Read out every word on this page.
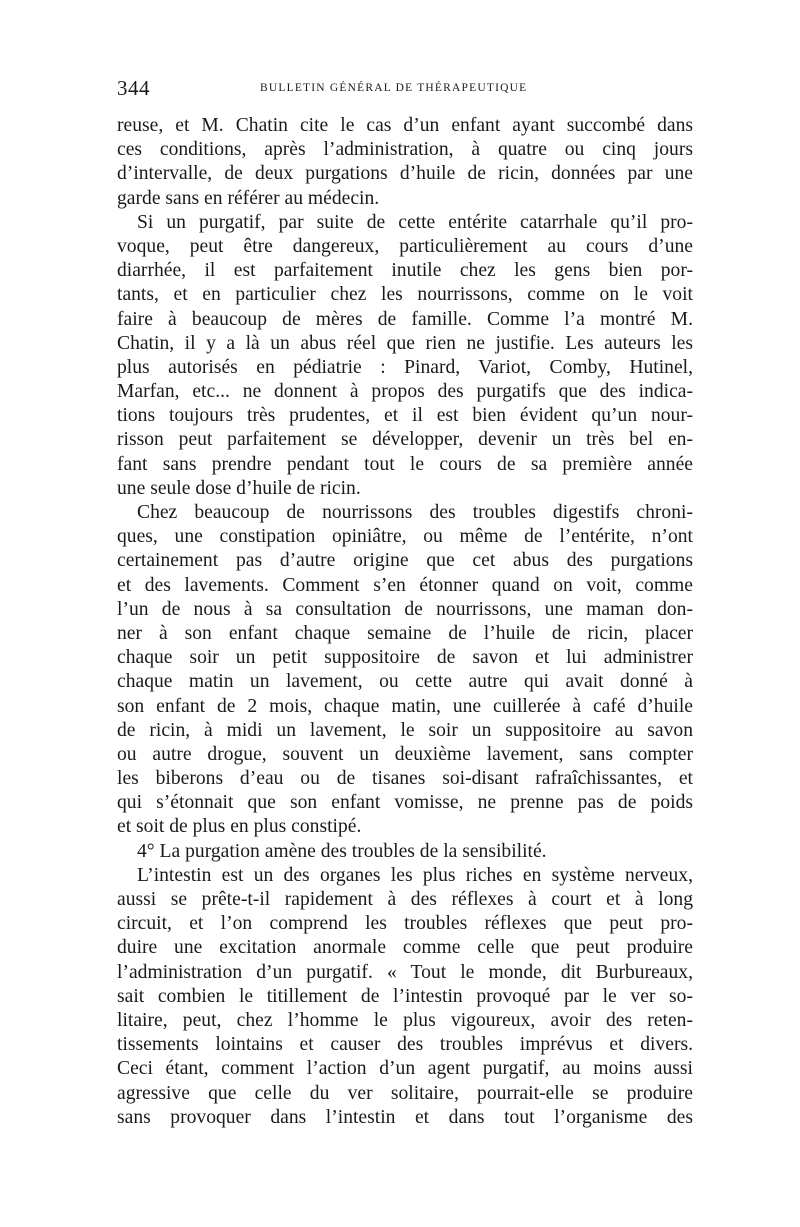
344	BULLETIN GÉNÉRAL DE THÉRAPEUTIQUE
reuse, et M. Chatin cite le cas d’un enfant ayant succombé dans
ces conditions, après l’administration, à quatre ou cinq jours
d’intervalle, de deux purgations d’huile de ricin, données par une
garde sans en référer au médecin.
Si un purgatif, par suite de cette entérite catarrhale qu’il pro-
voque, peut être dangereux, particulièrement au cours d’une
diarrhée, il est parfaitement inutile chez les gens bien por-
tants, et en particulier chez les nourrissons, comme on le voit
faire à beaucoup de mères de famille. Comme l’a montré M.
Chatin, il y a là un abus réel que rien ne justifie. Les auteurs les
plus autorisés en pédiatrie : Pinard, Variot, Comby, Hutinel,
Marfan, etc... ne donnent à propos des purgatifs que des indica-
tions toujours très prudentes, et il est bien évident qu’un nour-
risson peut parfaitement se développer, devenir un très bel en-
fant sans prendre pendant tout le cours de sa première année
une seule dose d’huile de ricin.
Chez beaucoup de nourrissons des troubles digestifs chroni-
ques, une constipation opiniâtre, ou même de l’entérite, n’ont
certainement pas d’autre origine que cet abus des purgations
et des lavements. Comment s’en étonner quand on voit, comme
l’un de nous à sa consultation de nourrissons, une maman don-
ner à son enfant chaque semaine de l’huile de ricin, placer
chaque soir un petit suppositoire de savon et lui administrer
chaque matin un lavement, ou cette autre qui avait donné à
son enfant de 2 mois, chaque matin, une cuillerée à café d’huile
de ricin, à midi un lavement, le soir un suppositoire au savon
ou autre drogue, souvent un deuxième lavement, sans compter
les biberons d’eau ou de tisanes soi-disant rafraîchissantes, et
qui s’étonnait que son enfant vomisse, ne prenne pas de poids
et soit de plus en plus constipé.
4° La purgation amène des troubles de la sensibilité.
L’intestin est un des organes les plus riches en système nerveux,
aussi se prête-t-il rapidement à des réflexes à court et à long
circuit, et l’on comprend les troubles réflexes que peut pro-
duire une excitation anormale comme celle que peut produire
l’administration d’un purgatif. « Tout le monde, dit Burbureaux,
sait combien le titillement de l’intestin provoqué par le ver so-
litaire, peut, chez l’homme le plus vigoureux, avoir des reten-
tissements lointains et causer des troubles imprévus et divers.
Ceci étant, comment l’action d’un agent purgatif, au moins aussi
agressive que celle du ver solitaire, pourrait-elle se produire
sans provoquer dans l’intestin et dans tout l’organisme des
